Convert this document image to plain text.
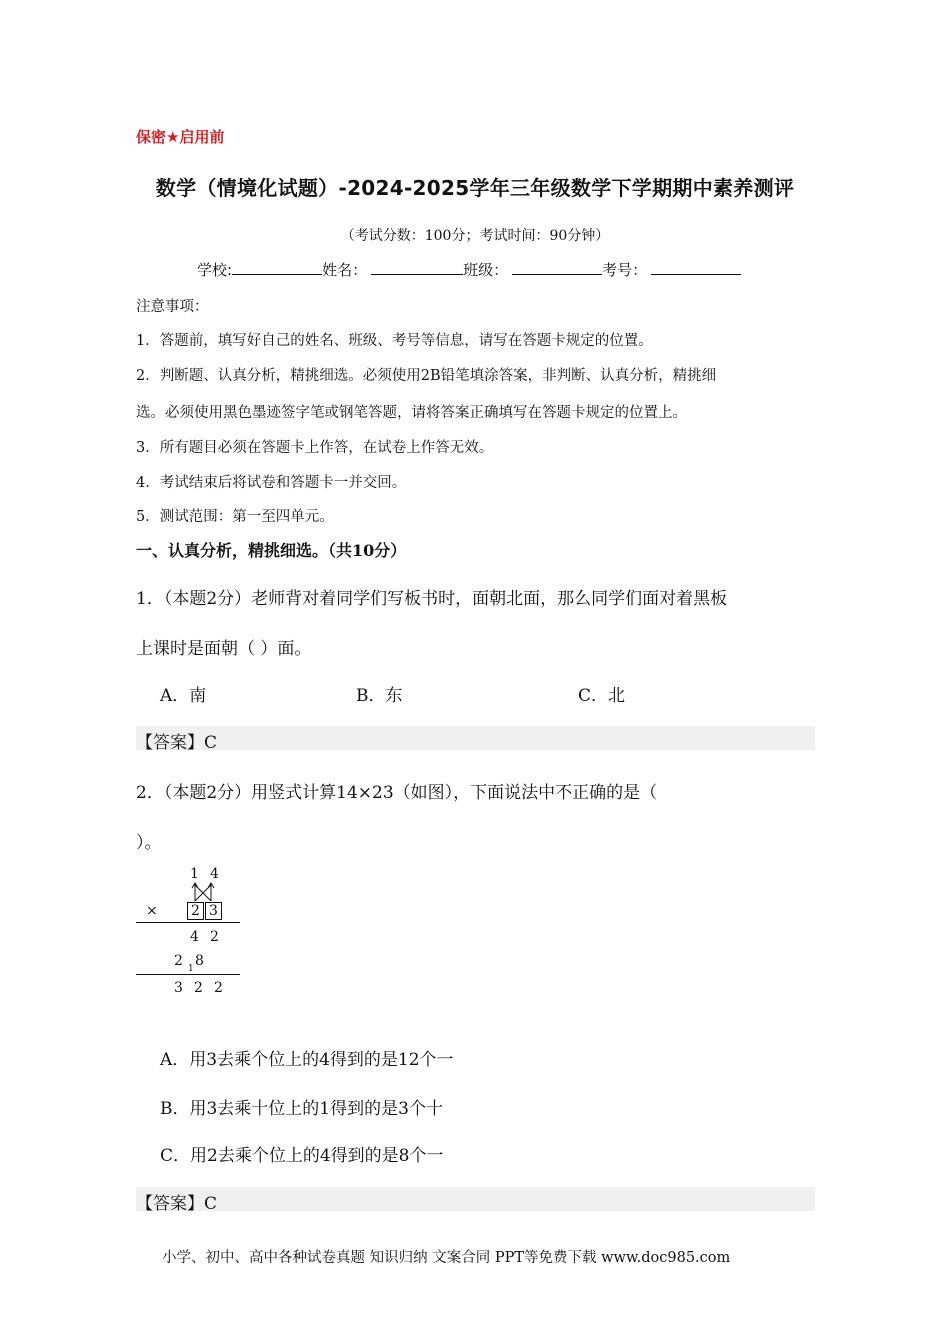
保密★启用前
数学（情境化试题）-2024-2025学年三年级数学下学期期中素养测评
（考试分数：100分；考试时间：90分钟）
学校:	姓名：	班级：	考号：
注意事项：
1．答题前，填写好自己的姓名、班级、考号等信息，请写在答题卡规定的位置。
2．判断题、认真分析，精挑细选。必须使用2B铅笔填涂答案，非判断、认真分析，精挑细
选。必须使用黑色墨迹签字笔或钢笔答题，请将答案正确填写在答题卡规定的位置上。
3．所有题目必须在答题卡上作答，在试卷上作答无效。
4．考试结束后将试卷和答题卡一并交回。
5．测试范围：第一至四单元。
一、认真分析，精挑细选。（共10分）
1．（本题2分）老师背对着同学们写板书时，面朝北面，那么同学们面对着黑板
上课时是面朝（ ）面。
A．南	B．东	C．北
【答案】C
2．（本题2分）用竖式计算14×23（如图），下面说法中不正确的是（
）。
1 4
× 2 3
4 2
2 1 8
3 2 2
A．用3去乘个位上的4得到的是12个一
B．用3去乘十位上的1得到的是3个十
C．用2去乘个位上的4得到的是8个一
【答案】C
小学、初中、高中各种试卷真题 知识归纳 文案合同 PPT等免费下载 www.doc985.com
